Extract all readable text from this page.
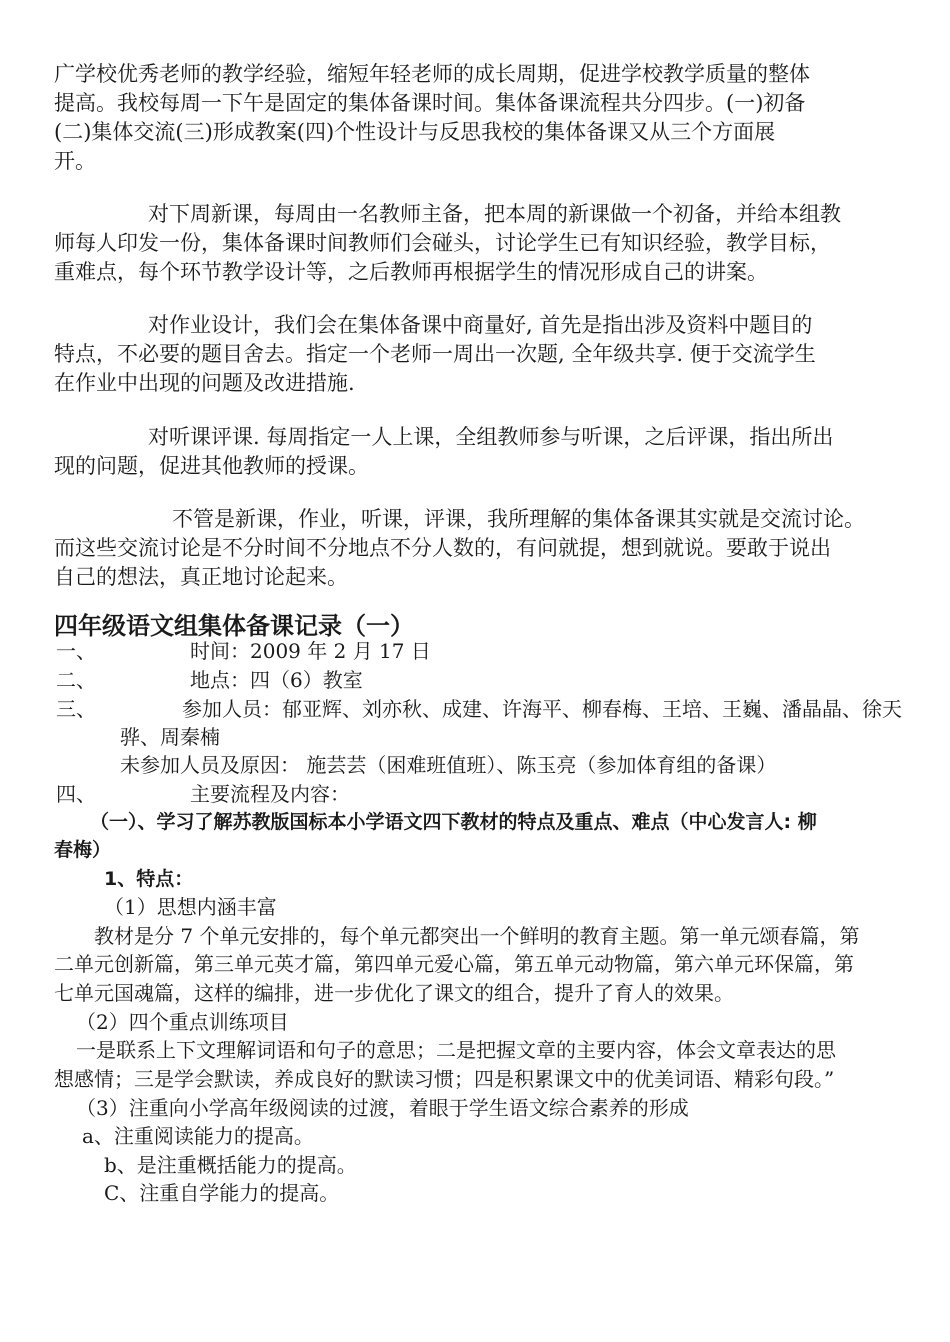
广学校优秀老师的教学经验，缩短年轻老师的成长周期，促进学校教学质量的整体
提高。我校每周一下午是固定的集体备课时间。集体备课流程共分四步。(一)初备
(二)集体交流(三)形成教案(四)个性设计与反思我校的集体备课又从三个方面展
开。
对下周新课，每周由一名教师主备，把本周的新课做一个初备，并给本组教
师每人印发一份，集体备课时间教师们会碰头，讨论学生已有知识经验，教学目标，
重难点，每个环节教学设计等，之后教师再根据学生的情况形成自己的讲案。
对作业设计，我们会在集体备课中商量好, 首先是指出涉及资料中题目的
特点，不必要的题目舍去。指定一个老师一周出一次题, 全年级共享. 便于交流学生
在作业中出现的问题及改进措施.
对听课评课. 每周指定一人上课，全组教师参与听课，之后评课，指出所出
现的问题，促进其他教师的授课。
不管是新课，作业，听课，评课，我所理解的集体备课其实就是交流讨论。
而这些交流讨论是不分时间不分地点不分人数的，有问就提，想到就说。要敢于说出
自己的想法，真正地讨论起来。
四年级语文组集体备课记录（一）
一、	时间：2009 年 2 月 17 日
二、	地点：四（6）教室
三、	参加人员：郁亚辉、刘亦秋、成建、许海平、柳春梅、王培、王巍、潘晶晶、徐天
骅、周秦楠
未参加人员及原因： 施芸芸（困难班值班）、陈玉亮（参加体育组的备课）
四、	主要流程及内容：
（一）、学习了解苏教版国标本小学语文四下教材的特点及重点、难点（中心发言人: 柳
春梅）
1、特点：
（1）思想内涵丰富
教材是分 7 个单元安排的，每个单元都突出一个鲜明的教育主题。第一单元颂春篇，第
二单元创新篇，第三单元英才篇，第四单元爱心篇，第五单元动物篇，第六单元环保篇，第
七单元国魂篇，这样的编排，进一步优化了课文的组合，提升了育人的效果。
（2）四个重点训练项目
一是联系上下文理解词语和句子的意思；二是把握文章的主要内容，体会文章表达的思
想感情；三是学会默读，养成良好的默读习惯；四是积累课文中的优美词语、精彩句段。”
（3）注重向小学高年级阅读的过渡，着眼于学生语文综合素养的形成
a、注重阅读能力的提高。
b、是注重概括能力的提高。
C、注重自学能力的提高。
